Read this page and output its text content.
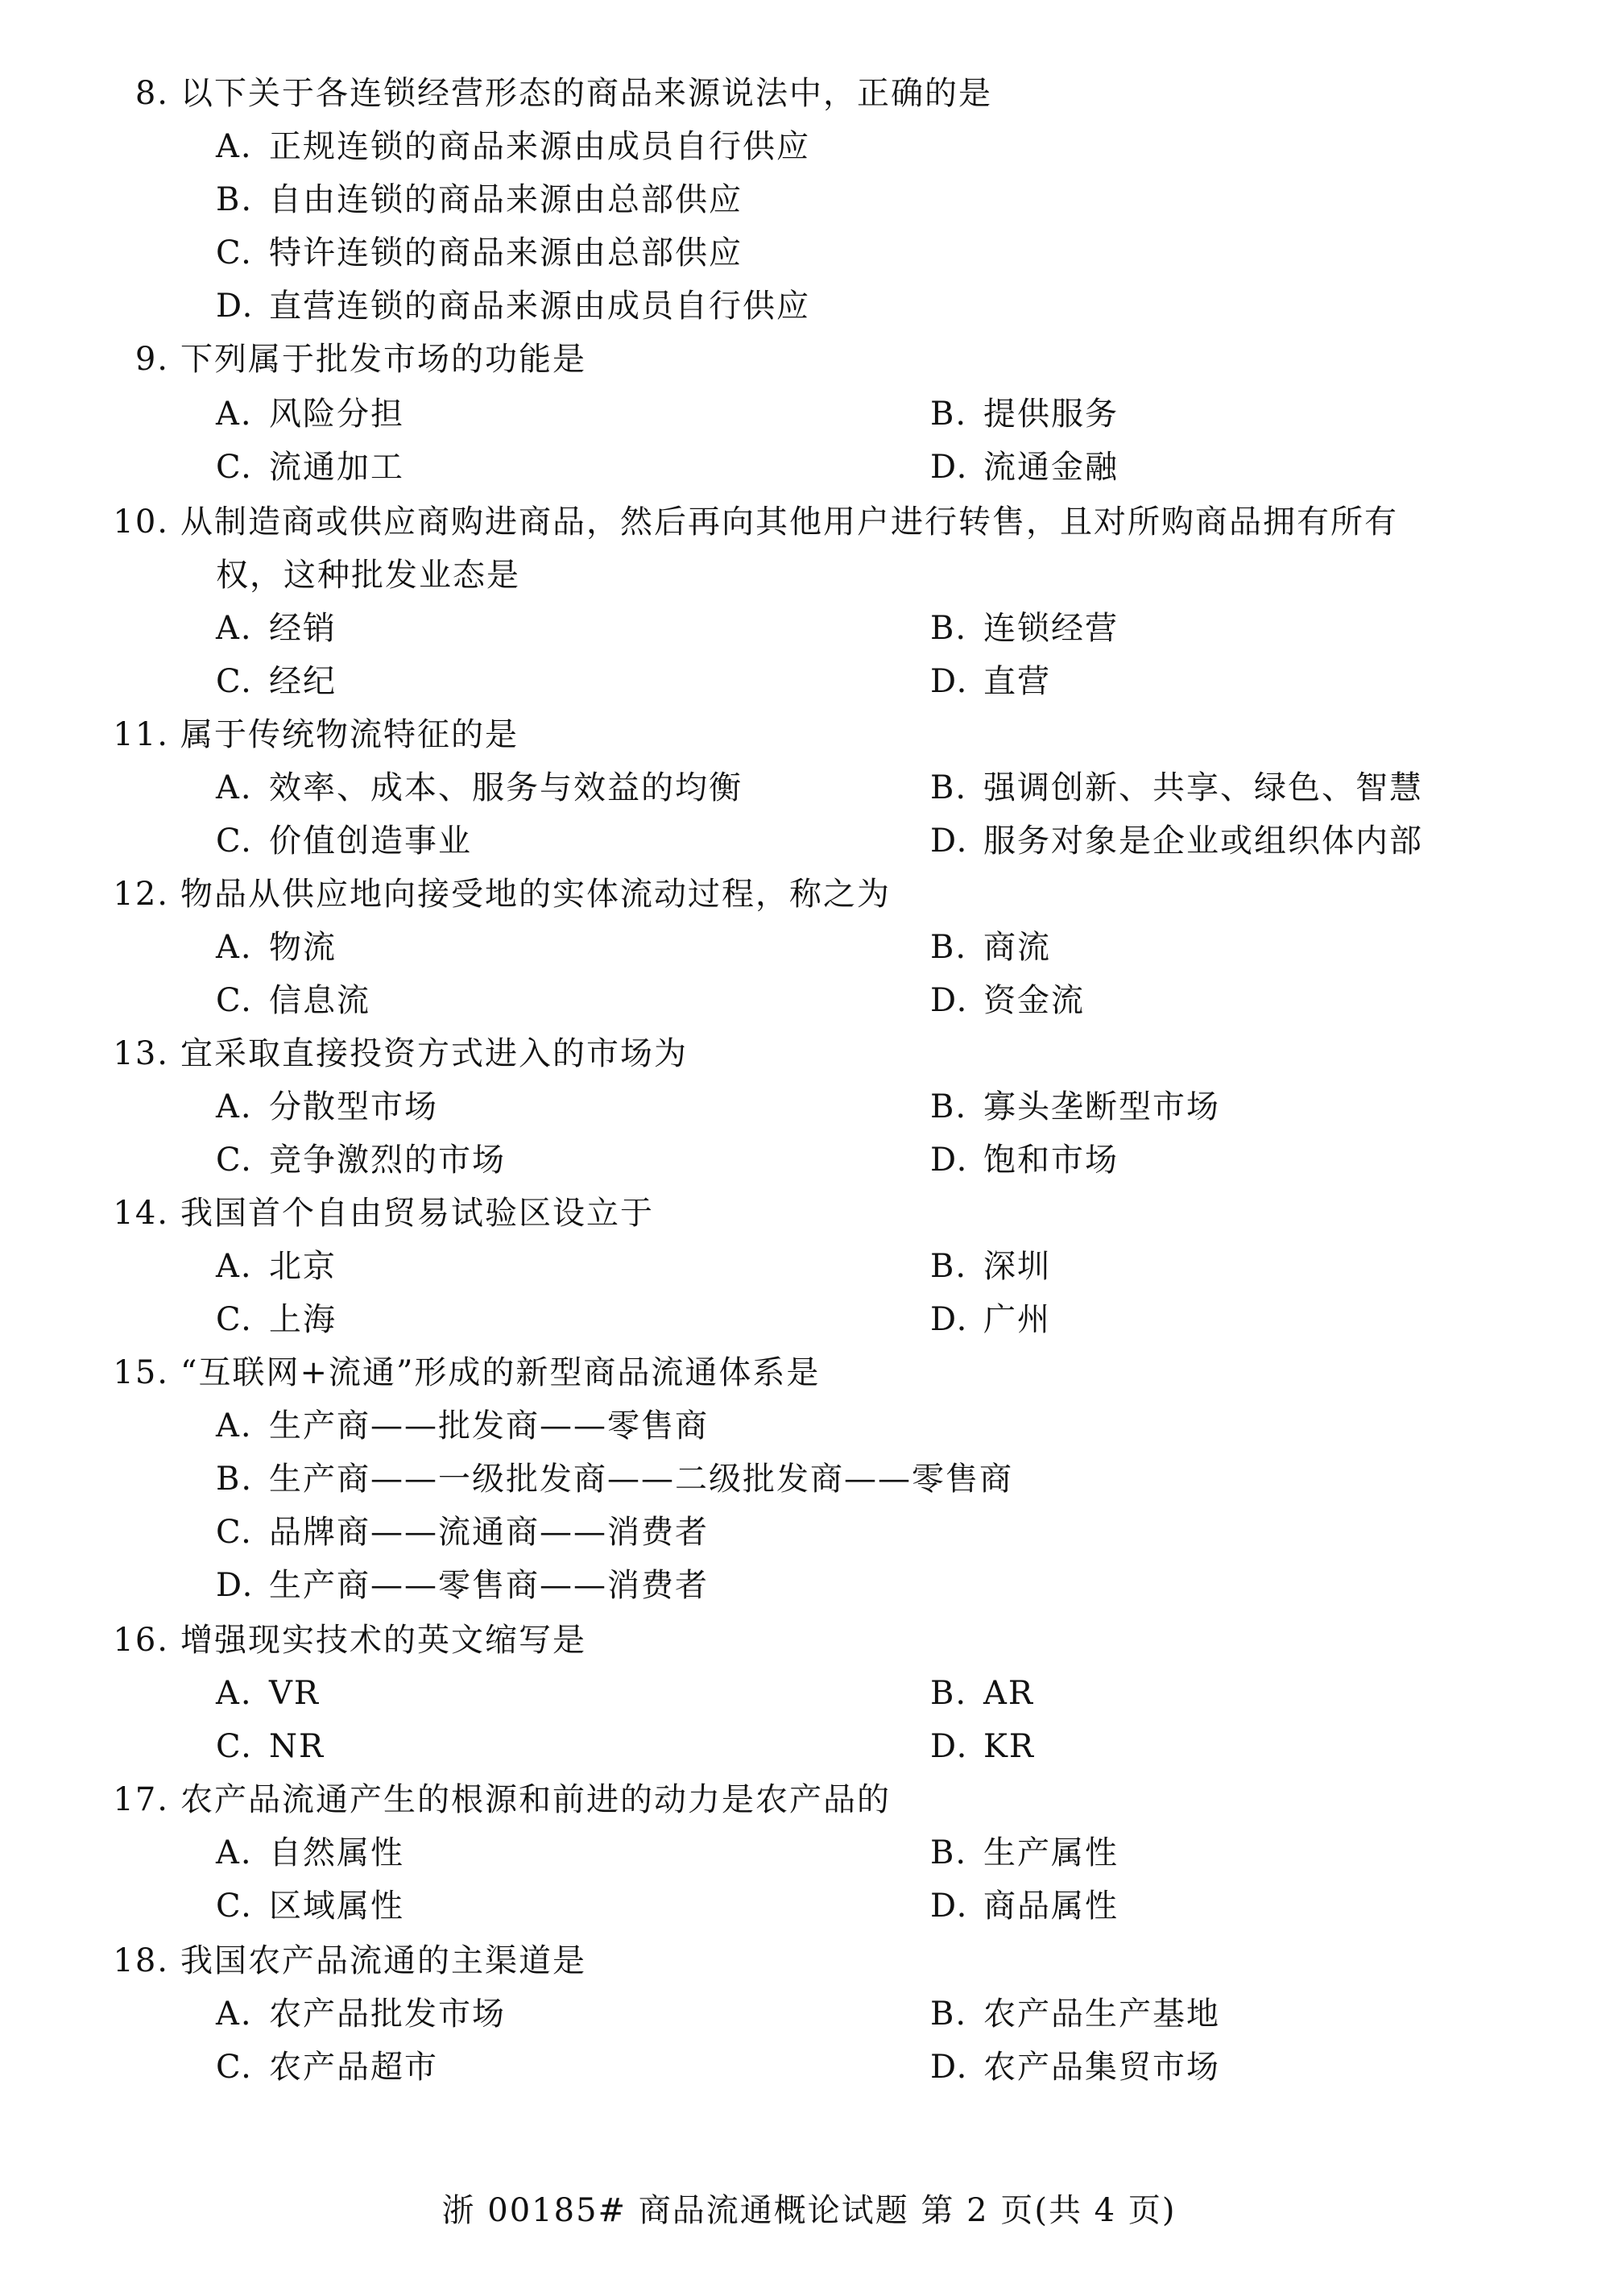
8. 以下关于各连锁经营形态的商品来源说法中，正确的是
A. 正规连锁的商品来源由成员自行供应
B. 自由连锁的商品来源由总部供应
C. 特许连锁的商品来源由总部供应
D. 直营连锁的商品来源由成员自行供应
9. 下列属于批发市场的功能是
A. 风险分担	B. 提供服务
C. 流通加工	D. 流通金融
10. 从制造商或供应商购进商品，然后再向其他用户进行转售，且对所购商品拥有所有
权，这种批发业态是
A. 经销	B. 连锁经营
C. 经纪	D. 直营
11. 属于传统物流特征的是
A. 效率、成本、服务与效益的均衡	B. 强调创新、共享、绿色、智慧
C. 价值创造事业	D. 服务对象是企业或组织体内部
12. 物品从供应地向接受地的实体流动过程，称之为
A. 物流	B. 商流
C. 信息流	D. 资金流
13. 宜采取直接投资方式进入的市场为
A. 分散型市场	B. 寡头垄断型市场
C. 竞争激烈的市场	D. 饱和市场
14. 我国首个自由贸易试验区设立于
A. 北京	B. 深圳
C. 上海	D. 广州
15. “互联网+流通”形成的新型商品流通体系是
A. 生产商——批发商——零售商
B. 生产商——一级批发商——二级批发商——零售商
C. 品牌商——流通商——消费者
D. 生产商——零售商——消费者
16. 增强现实技术的英文缩写是
A. VR	B. AR
C. NR	D. KR
17. 农产品流通产生的根源和前进的动力是农产品的
A. 自然属性	B. 生产属性
C. 区域属性	D. 商品属性
18. 我国农产品流通的主渠道是
A. 农产品批发市场	B. 农产品生产基地
C. 农产品超市	D. 农产品集贸市场
浙 00185# 商品流通概论试题 第 2 页(共 4 页)
